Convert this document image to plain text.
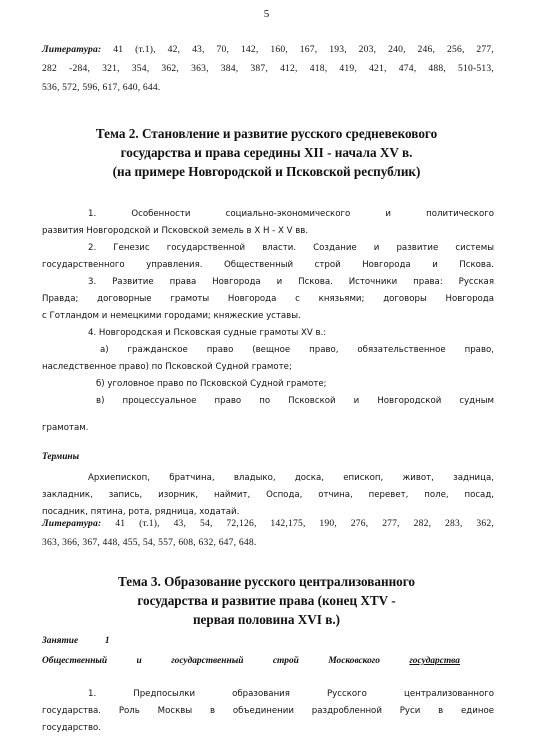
5
Литература: 41 (т.1), 42, 43, 70, 142, 160, 167, 193, 203, 240, 246, 256, 277,
282 -284, 321, 354, 362, 363, 384, 387, 412, 418, 419, 421, 474, 488, 510-513,
536, 572, 596, 617, 640, 644.
Тема 2. Становление и развитие русского средневекового
государства и права середины XII - начала XV в.
(на примере Новгородской и Псковской республик)
1. Особенности социально-экономического и политического
развития Новгородской и Псковской земель в Х Н - Х V вв.
2. Генезис государственной власти. Создание и развитие системы
государственного управления. Общественный строй Новгорода и Пскова.
3. Развитие права Новгорода и Пскова. Источники права: Русская
Правда; договорные грамоты Новгорода с князьями; договоры Новгорода
с Готландом и немецкими городами; княжеские уставы.
4. Новгородская и Псковская судные грамоты XV в.:
а) гражданское право (вещное право, обязательственное право,
наследственное право) по Псковской Судной грамоте;
б) уголовное право по Псковской Судной грамоте;
в) процессуальное право по Псковской и Новгородской судным
грамотам.
Термины
Архиепископ, братчина, владыко, доска, епископ, живот, задница,
закладник, запись, изорник, наймит, Осподa, отчина, перевет, поле, посад,
посадник, пятина, рота, рядница, ходатай.
Литература: 41 (т.1), 43, 54, 72,126, 142,175, 190, 276, 277, 282, 283, 362,
363, 366, 367, 448, 455, 54, 557, 608, 632, 647, 648.
Тема 3. Образование русского централизованного
государства и развитие права (конец XTV -
первая половина XVI в.)
Занятие	1
Общественный	и	государственный	строй	Московского	государства
1. Предпосылки образования Русского централизованного
государства. Роль Москвы в объединении раздробленной Руси в единое
государство.
